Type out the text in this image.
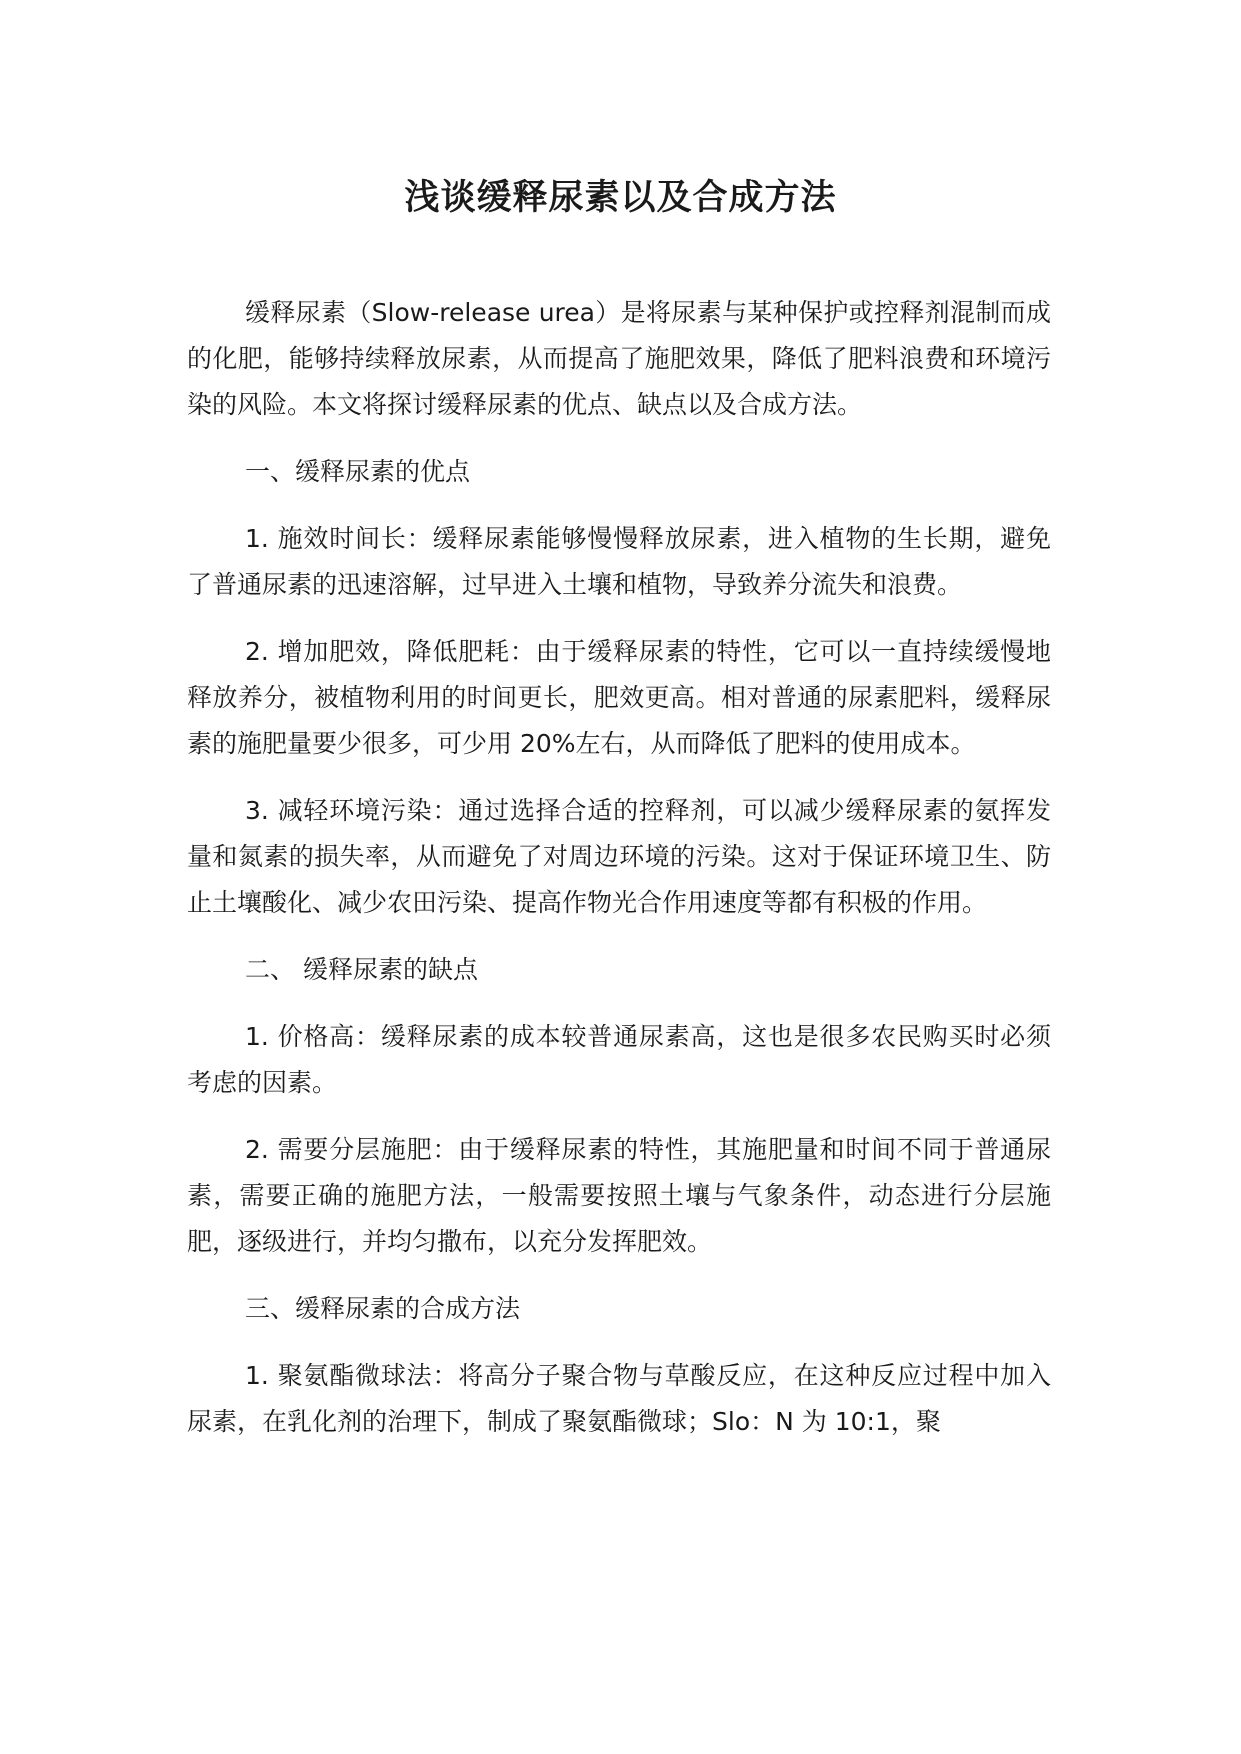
浅谈缓释尿素以及合成方法

缓释尿素（Slow-release urea）是将尿素与某种保护或控释剂混制而成的化肥，能够持续释放尿素，从而提高了施肥效果，降低了肥料浪费和环境污染的风险。本文将探讨缓释尿素的优点、缺点以及合成方法。

一、缓释尿素的优点

1. 施效时间长：缓释尿素能够慢慢释放尿素，进入植物的生长期，避免了普通尿素的迅速溶解，过早进入土壤和植物，导致养分流失和浪费。

2. 增加肥效，降低肥耗：由于缓释尿素的特性，它可以一直持续缓慢地释放养分，被植物利用的时间更长，肥效更高。相对普通的尿素肥料，缓释尿素的施肥量要少很多，可少用 20%左右，从而降低了肥料的使用成本。

3. 减轻环境污染：通过选择合适的控释剂，可以减少缓释尿素的氨挥发量和氮素的损失率，从而避免了对周边环境的污染。这对于保证环境卫生、防止土壤酸化、减少农田污染、提高作物光合作用速度等都有积极的作用。

二、 缓释尿素的缺点

1. 价格高：缓释尿素的成本较普通尿素高，这也是很多农民购买时必须考虑的因素。

2. 需要分层施肥：由于缓释尿素的特性，其施肥量和时间不同于普通尿素，需要正确的施肥方法，一般需要按照土壤与气象条件，动态进行分层施肥，逐级进行，并均匀撒布，以充分发挥肥效。

三、缓释尿素的合成方法

1. 聚氨酯微球法：将高分子聚合物与草酸反应，在这种反应过程中加入尿素，在乳化剂的治理下，制成了聚氨酯微球；Slo：N 为 10:1，聚
